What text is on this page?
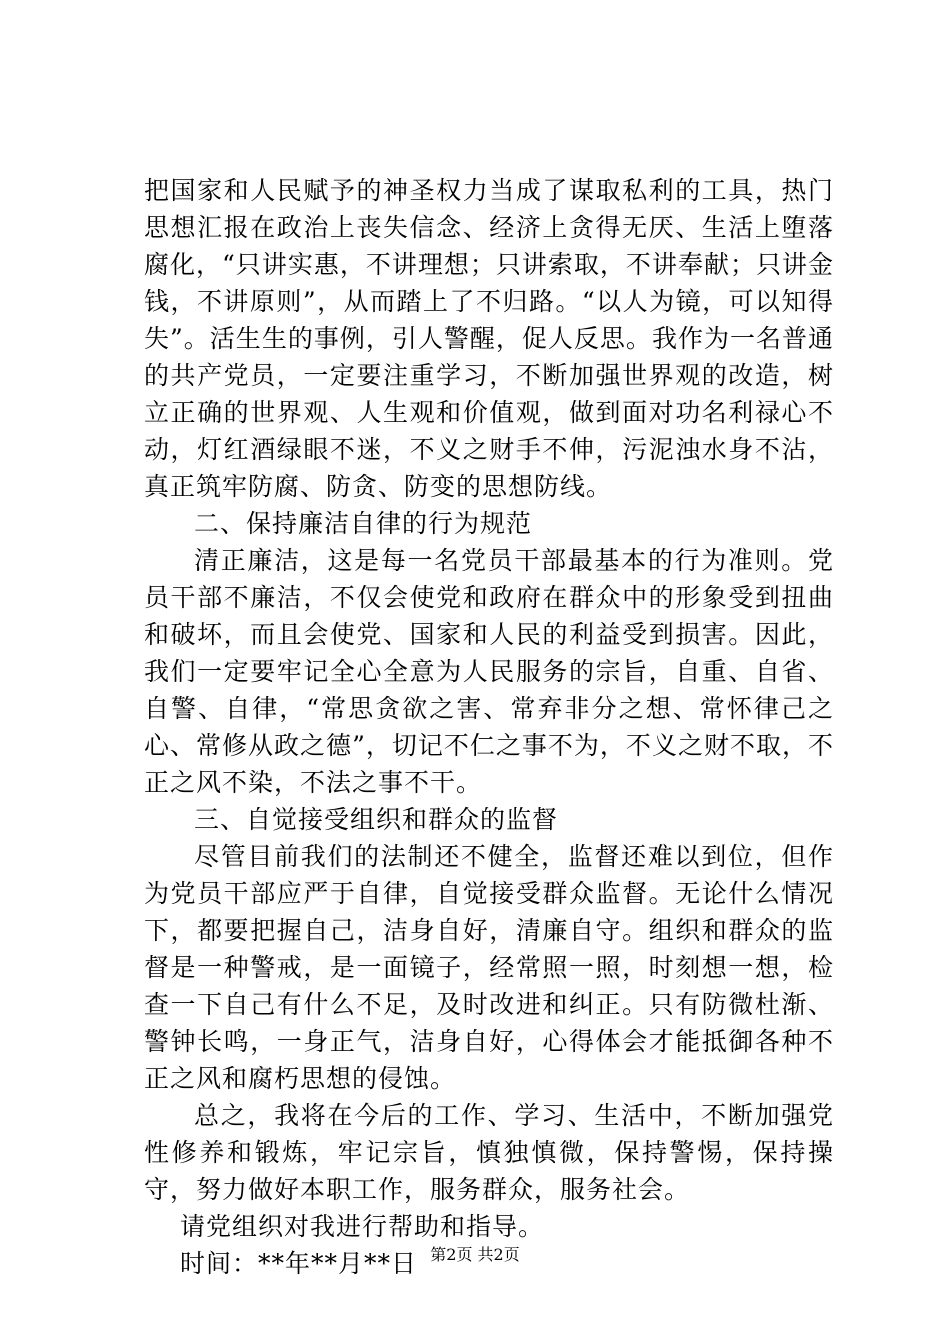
把国家和人民赋予的神圣权力当成了谋取私利的工具，热门思想汇报在政治上丧失信念、经济上贪得无厌、生活上堕落腐化，“只讲实惠，不讲理想；只讲索取，不讲奉献；只讲金钱，不讲原则”，从而踏上了不归路。“以人为镜，可以知得失”。活生生的事例，引人警醒，促人反思。我作为一名普通的共产党员，一定要注重学习，不断加强世界观的改造，树立正确的世界观、人生观和价值观，做到面对功名利禄心不动，灯红酒绿眼不迷，不义之财手不伸，污泥浊水身不沾，真正筑牢防腐、防贪、防变的思想防线。

二、保持廉洁自律的行为规范

清正廉洁，这是每一名党员干部最基本的行为准则。党员干部不廉洁，不仅会使党和政府在群众中的形象受到扭曲和破坏，而且会使党、国家和人民的利益受到损害。因此，我们一定要牢记全心全意为人民服务的宗旨，自重、自省、自警、自律，“常思贪欲之害、常弃非分之想、常怀律己之心、常修从政之德”，切记不仁之事不为，不义之财不取，不正之风不染，不法之事不干。

三、自觉接受组织和群众的监督

尽管目前我们的法制还不健全，监督还难以到位，但作为党员干部应严于自律，自觉接受群众监督。无论什么情况下，都要把握自己，洁身自好，清廉自守。组织和群众的监督是一种警戒，是一面镜子，经常照一照，时刻想一想，检查一下自己有什么不足，及时改进和纠正。只有防微杜渐、警钟长鸣，一身正气，洁身自好，心得体会才能抵御各种不正之风和腐朽思想的侵蚀。

总之，我将在今后的工作、学习、生活中，不断加强党性修养和锻炼，牢记宗旨，慎独慎微，保持警惕，保持操守，努力做好本职工作，服务群众，服务社会。

请党组织对我进行帮助和指导。

时间：**年**月**日 第2页 共2页
